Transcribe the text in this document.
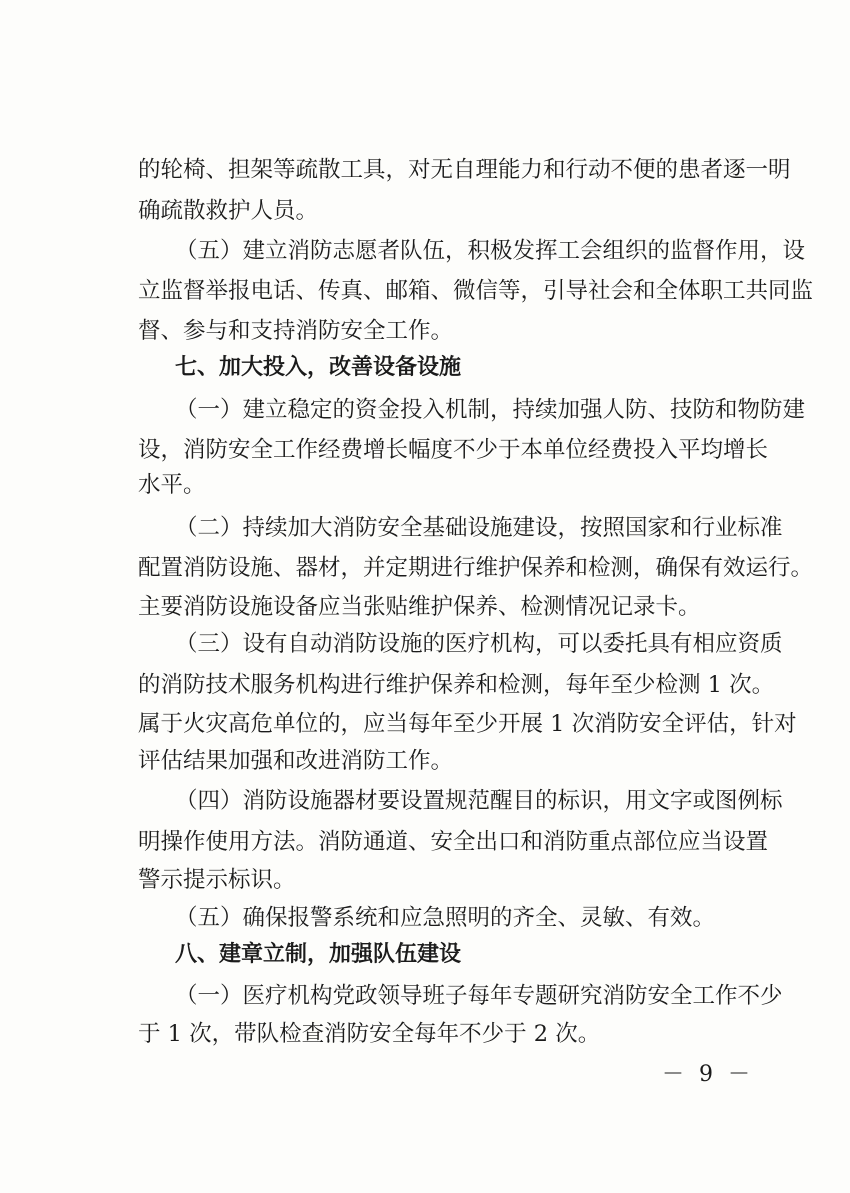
的轮椅、担架等疏散工具，对无自理能力和行动不便的患者逐一明
确疏散救护人员。
（五）建立消防志愿者队伍，积极发挥工会组织的监督作用，设
立监督举报电话、传真、邮箱、微信等，引导社会和全体职工共同监
督、参与和支持消防安全工作。
七、加大投入，改善设备设施
（一）建立稳定的资金投入机制，持续加强人防、技防和物防建
设，消防安全工作经费增长幅度不少于本单位经费投入平均增长
水平。
（二）持续加大消防安全基础设施建设，按照国家和行业标准
配置消防设施、器材，并定期进行维护保养和检测，确保有效运行。
主要消防设施设备应当张贴维护保养、检测情况记录卡。
（三）设有自动消防设施的医疗机构，可以委托具有相应资质
的消防技术服务机构进行维护保养和检测，每年至少检测 1 次。
属于火灾高危单位的，应当每年至少开展 1 次消防安全评估，针对
评估结果加强和改进消防工作。
（四）消防设施器材要设置规范醒目的标识，用文字或图例标
明操作使用方法。消防通道、安全出口和消防重点部位应当设置
警示提示标识。
（五）确保报警系统和应急照明的齐全、灵敏、有效。
八、建章立制，加强队伍建设
（一）医疗机构党政领导班子每年专题研究消防安全工作不少
于 1 次，带队检查消防安全每年不少于 2 次。
－ 9 －
